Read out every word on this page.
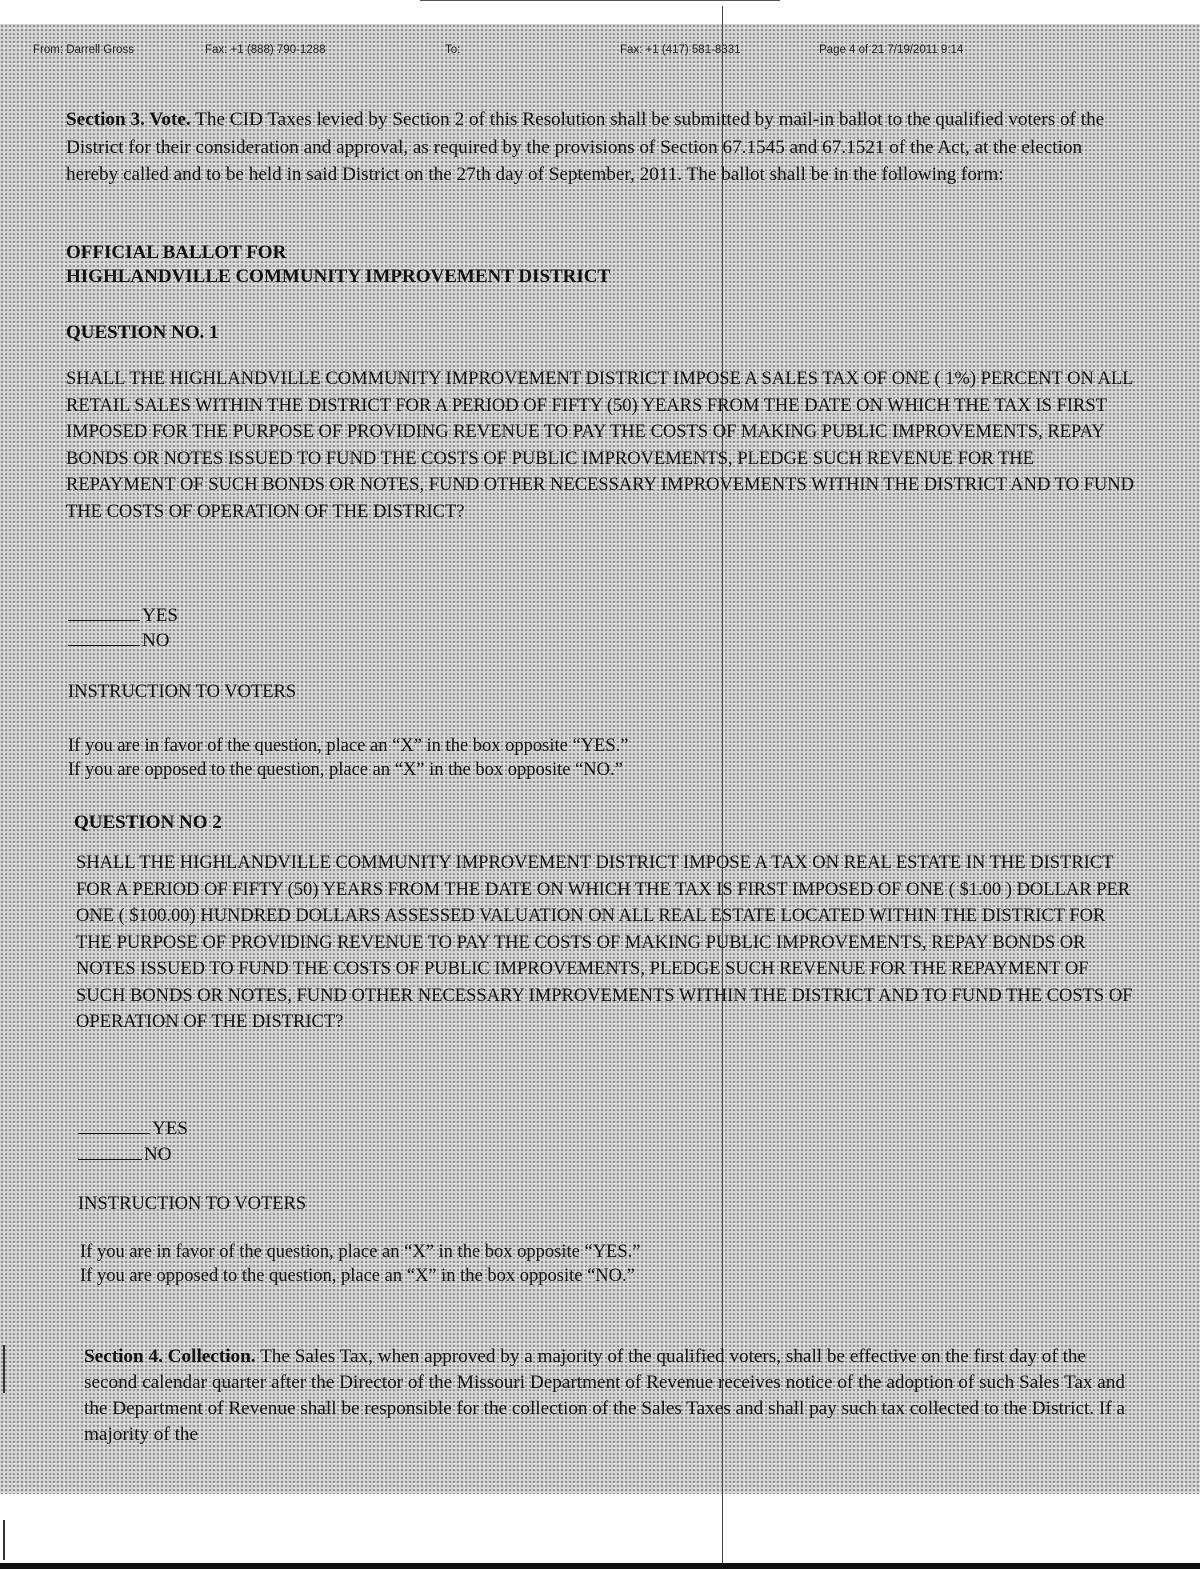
From: Darrell Gross	Fax: +1 (888) 790-1288	To:	Fax: +1 (417) 581-8331	Page 4 of 21 7/19/2011 9:14
Section 3. Vote. The CID Taxes levied by Section 2 of this Resolution shall be submitted by mail-in ballot to the qualified voters of the District for their consideration and approval, as required by the provisions of Section 67.1545 and 67.1521 of the Act, at the election hereby called and to be held in said District on the 27th day of September, 2011. The ballot shall be in the following form:
OFFICIAL BALLOT FOR
HIGHLANDVILLE COMMUNITY IMPROVEMENT DISTRICT
QUESTION NO. 1
SHALL THE HIGHLANDVILLE COMMUNITY IMPROVEMENT DISTRICT IMPOSE A SALES TAX OF ONE ( 1%) PERCENT ON ALL RETAIL SALES WITHIN THE DISTRICT FOR A PERIOD OF FIFTY (50) YEARS FROM THE DATE ON WHICH THE TAX IS FIRST IMPOSED FOR THE PURPOSE OF PROVIDING REVENUE TO PAY THE COSTS OF MAKING PUBLIC IMPROVEMENTS, REPAY BONDS OR NOTES ISSUED TO FUND THE COSTS OF PUBLIC IMPROVEMENTS, PLEDGE SUCH REVENUE FOR THE REPAYMENT OF SUCH BONDS OR NOTES, FUND OTHER NECESSARY IMPROVEMENTS WITHIN THE DISTRICT AND TO FUND THE COSTS OF OPERATION OF THE DISTRICT?
YES
NO
INSTRUCTION TO VOTERS
If you are in favor of the question, place an “X” in the box opposite “YES.”
If you are opposed to the question, place an “X” in the box opposite “NO.”
QUESTION NO 2
SHALL THE HIGHLANDVILLE COMMUNITY IMPROVEMENT DISTRICT IMPOSE A TAX ON REAL ESTATE IN THE DISTRICT FOR A PERIOD OF FIFTY (50) YEARS FROM THE DATE ON WHICH THE TAX IS FIRST IMPOSED OF ONE ( $1.00 ) DOLLAR PER ONE ( $100.00) HUNDRED DOLLARS ASSESSED VALUATION ON ALL REAL ESTATE LOCATED WITHIN THE DISTRICT FOR THE PURPOSE OF PROVIDING REVENUE TO PAY THE COSTS OF MAKING PUBLIC IMPROVEMENTS, REPAY BONDS OR NOTES ISSUED TO FUND THE COSTS OF PUBLIC IMPROVEMENTS, PLEDGE SUCH REVENUE FOR THE REPAYMENT OF SUCH BONDS OR NOTES, FUND OTHER NECESSARY IMPROVEMENTS WITHIN THE DISTRICT AND TO FUND THE COSTS OF OPERATION OF THE DISTRICT?
YES
NO
INSTRUCTION TO VOTERS
If you are in favor of the question, place an “X” in the box opposite “YES.”
If you are opposed to the question, place an “X” in the box opposite “NO.”
Section 4. Collection. The Sales Tax, when approved by a majority of the qualified voters, shall be effective on the first day of the second calendar quarter after the Director of the Missouri Department of Revenue receives notice of the adoption of such Sales Tax and the Department of Revenue shall be responsible for the collection of the Sales Taxes and shall pay such tax collected to the District. If a majority of the
